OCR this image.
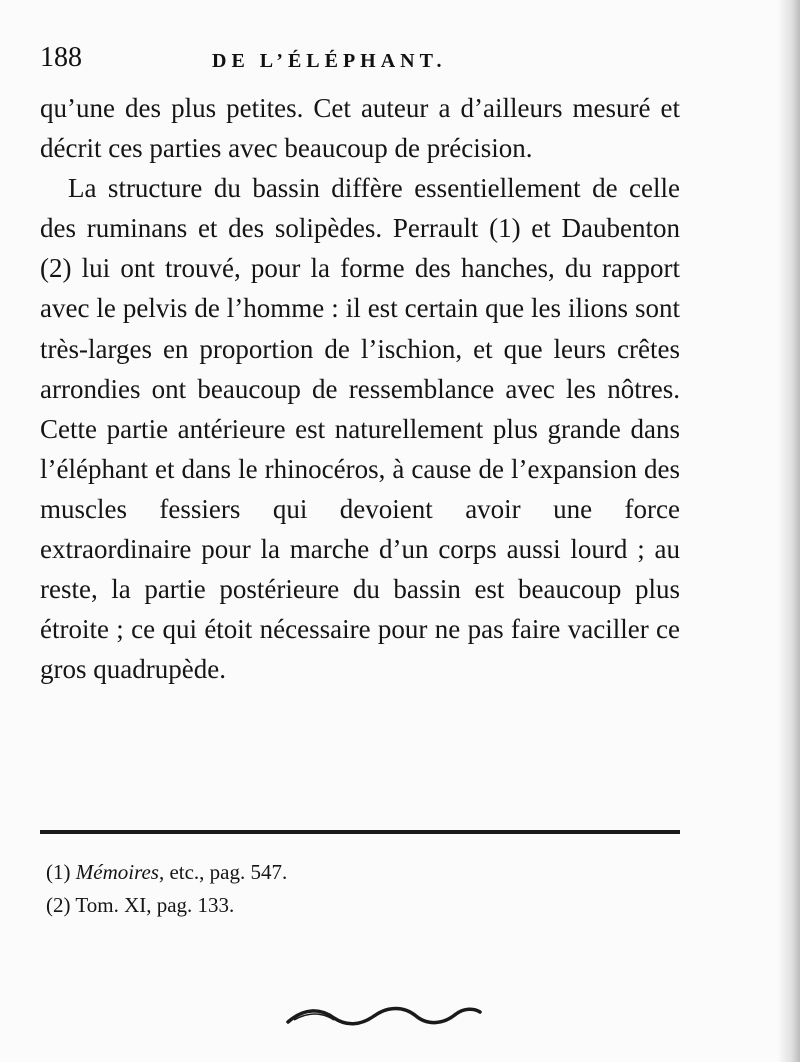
188	DE L’ÉLÉPHANT.

qu’une des plus petites. Cet auteur a d’ailleurs mesuré et décrit ces parties avec beaucoup de précision.

La structure du bassin diffère essentiellement de celle des ruminans et des solipèdes. Perrault (1) et Daubenton (2) lui ont trouvé, pour la forme des hanches, du rapport avec le pelvis de l’homme : il est certain que les ilions sont très-larges en proportion de l’ischion, et que leurs crêtes arrondies ont beaucoup de ressemblance avec les nôtres. Cette partie antérieure est naturellement plus grande dans l’éléphant et dans le rhinocéros, à cause de l’expansion des muscles fessiers qui devoient avoir une force extraordinaire pour la marche d’un corps aussi lourd ; au reste, la partie postérieure du bassin est beaucoup plus étroite ; ce qui étoit nécessaire pour ne pas faire vaciller ce gros quadrupède.

(1) Mémoires, etc., pag. 547.
(2) Tom. XI, pag. 133.
